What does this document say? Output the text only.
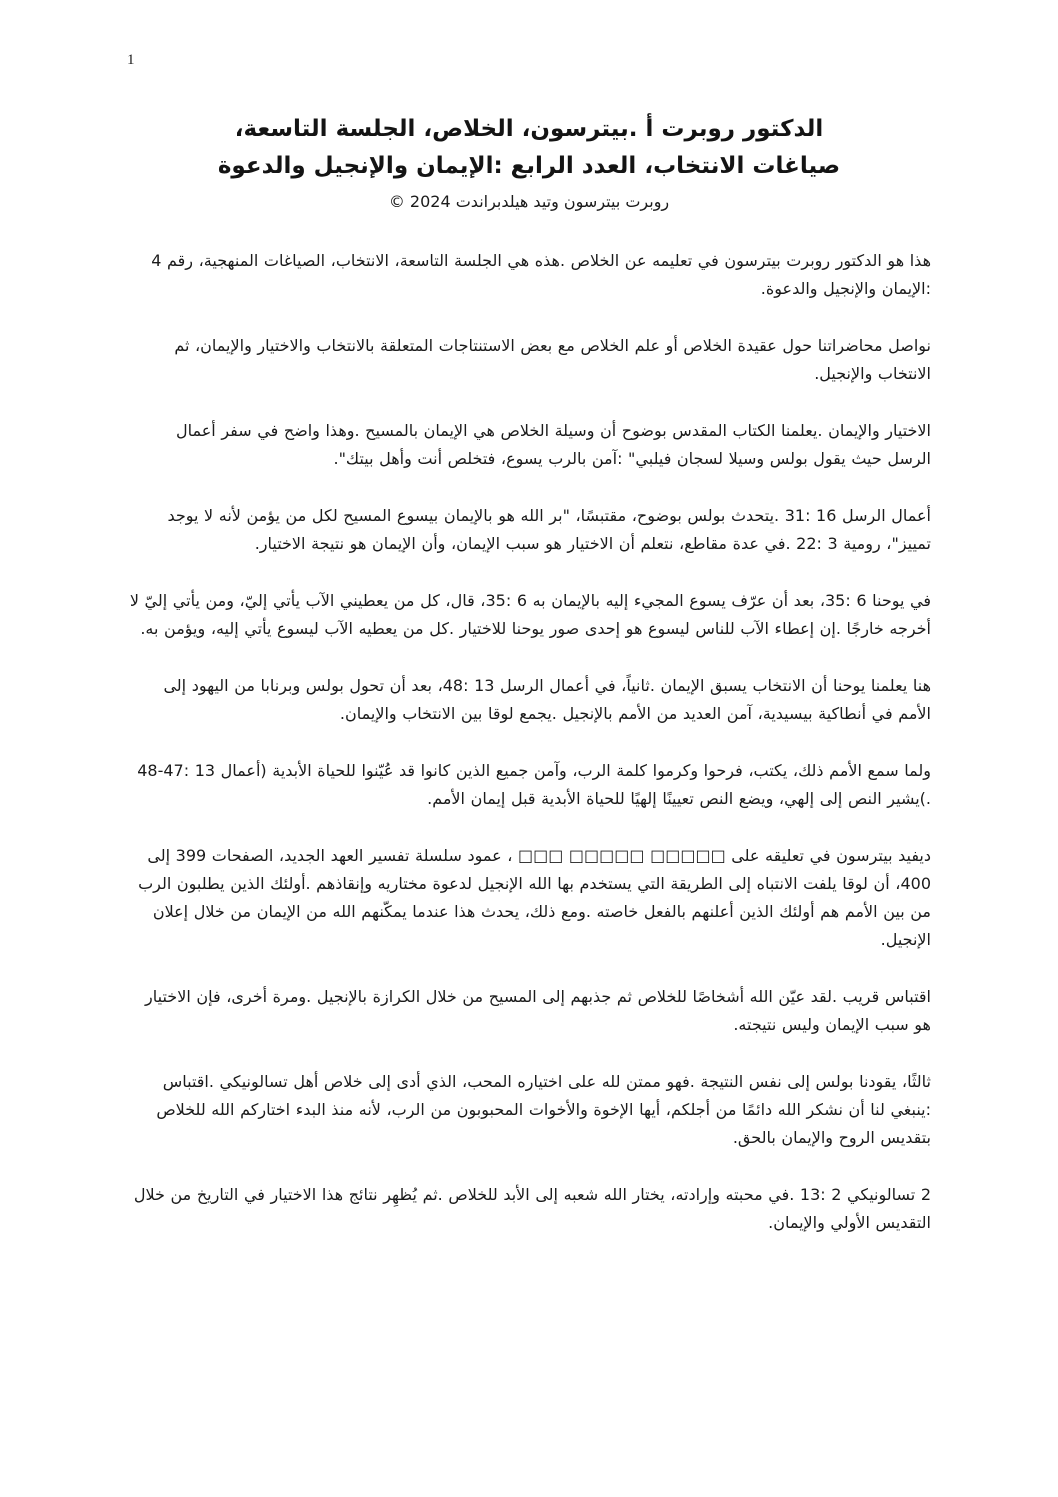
1
الدكتور روبرت أ .بيترسون، الخلاص، الجلسة التاسعة،
صياغات الانتخاب، العدد الرابع :الإيمان والإنجيل والدعوة
روبرت بيترسون وتيد هيلدبراندت 2024 ©

هذا هو الدكتور روبرت بيترسون في تعليمه عن الخلاص .هذه هي الجلسة التاسعة، الانتخاب، الصياغات المنهجية، رقم 4 :الإيمان والإنجيل والدعوة.

نواصل محاضراتنا حول عقيدة الخلاص أو علم الخلاص مع بعض الاستنتاجات المتعلقة بالانتخاب والاختيار والإيمان، ثم الانتخاب والإنجيل.

الاختيار والإيمان .يعلمنا الكتاب المقدس بوضوح أن وسيلة الخلاص هي الإيمان بالمسيح .وهذا واضح في سفر أعمال الرسل حيث يقول بولس وسيلا لسجان فيلبي" :آمن بالرب يسوع، فتخلص أنت وأهل بيتك".

أعمال الرسل 16 :31 .يتحدث بولس بوضوح، مقتبسًا، "بر الله هو بالإيمان بيسوع المسيح لكل من يؤمن لأنه لا يوجد تمييز"، رومية 3 :22 .في عدة مقاطع، نتعلم أن الاختيار هو سبب الإيمان، وأن الإيمان هو نتيجة الاختيار.

في يوحنا 6 :35، بعد أن عرّف يسوع المجيء إليه بالإيمان به 6 :35، قال، كل من يعطيني الآب يأتي إليّ، ومن يأتي إليّ لا أخرجه خارجًا .إن إعطاء الآب للناس ليسوع هو إحدى صور يوحنا للاختيار .كل من يعطيه الآب ليسوع يأتي إليه، ويؤمن به.

هنا يعلمنا يوحنا أن الانتخاب يسبق الإيمان .ثانياً، في أعمال الرسل 13 :48، بعد أن تحول بولس وبرنابا من اليهود إلى الأمم في أنطاكية بيسيدية، آمن العديد من الأمم بالإنجيل .يجمع لوقا بين الانتخاب والإيمان.

ولما سمع الأمم ذلك، يكتب، فرحوا وكرموا كلمة الرب، وآمن جميع الذين كانوا قد عُيّنوا للحياة الأبدية (أعمال 13 :47-48 .)يشير النص إلى إلهي، ويضع النص تعيينًا إلهيًا للحياة الأبدية قبل إيمان الأمم.

ديفيد بيترسون في تعليقه على □□□□□ □□□□□ □□□ ، عمود سلسلة تفسير العهد الجديد، الصفحات 399 إلى 400، أن لوقا يلفت الانتباه إلى الطريقة التي يستخدم بها الله الإنجيل لدعوة مختاريه وإنقاذهم .أولئك الذين يطلبون الرب من بين الأمم هم أولئك الذين أعلنهم بالفعل خاصته .ومع ذلك، يحدث هذا عندما يمكّنهم الله من الإيمان من خلال إعلان الإنجيل.

اقتباس قريب .لقد عيّن الله أشخاصًا للخلاص ثم جذبهم إلى المسيح من خلال الكرازة بالإنجيل .ومرة أخرى، فإن الاختيار هو سبب الإيمان وليس نتيجته.

ثالثًا، يقودنا بولس إلى نفس النتيجة .فهو ممتن لله على اختياره المحب، الذي أدى إلى خلاص أهل تسالونيكي .اقتباس :ينبغي لنا أن نشكر الله دائمًا من أجلكم، أيها الإخوة والأخوات المحبوبون من الرب، لأنه منذ البدء اختاركم الله للخلاص بتقديس الروح والإيمان بالحق.

2 تسالونيكي 2 :13 .في محبته وإرادته، يختار الله شعبه إلى الأبد للخلاص .ثم يُظهِر نتائج هذا الاختيار في التاريخ من خلال التقديس الأولي والإيمان.
